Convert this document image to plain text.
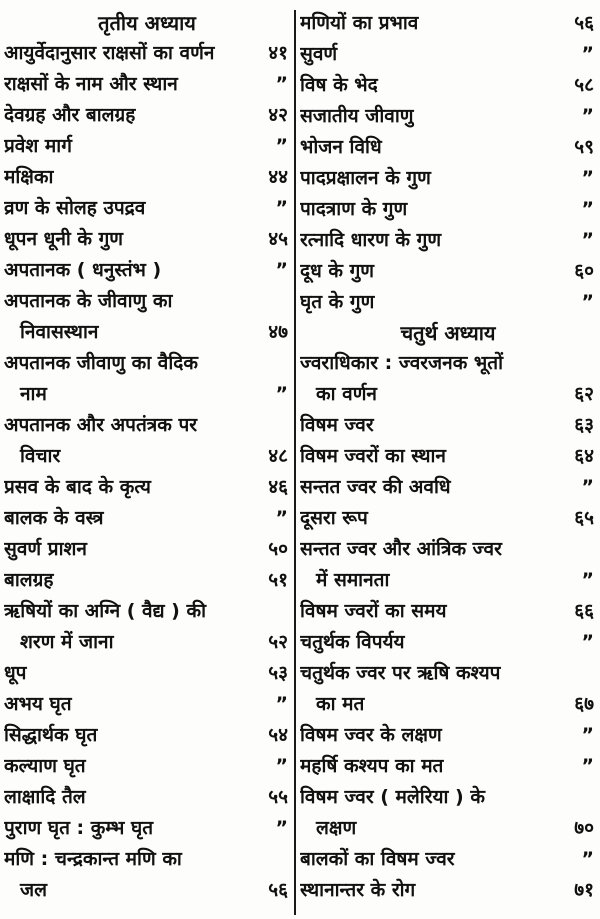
तृतीय अध्याय
आयुर्वेदानुसार राक्षसों का वर्णन	४१
राक्षसों के नाम और स्थान	”
देवग्रह और बालग्रह	४२
प्रवेश मार्ग	”
मक्षिका	४४
व्रण के सोलह उपद्रव	”
धूपन धूनी के गुण	४५
अपतानक ( धनुस्तंभ )	”
अपतानक के जीवाणु का
निवासस्थान	४७
अपतानक जीवाणु का वैदिक
नाम	”
अपतानक और अपतंत्रक पर
विचार	४८
प्रसव के बाद के कृत्य	४६
बालक के वस्त्र	”
सुवर्ण प्राशन	५०
बालग्रह	५१
ऋषियों का अग्नि ( वैद्य ) की
शरण में जाना	५२
धूप	५३
अभय घृत	”
सिद्धार्थक घृत	५४
कल्याण घृत	”
लाक्षादि तैल	५५
पुराण घृत : कुम्भ घृत	”
मणि : चन्द्रकान्त मणि का
जल	५६
मणियों का प्रभाव	५६
सुवर्ण	”
विष के भेद	५८
सजातीय जीवाणु	”
भोजन विधि	५९
पादप्रक्षालन के गुण	”
पादत्राण के गुण	”
रत्नादि धारण के गुण	”
दूध के गुण	६०
घृत के गुण	”
चतुर्थ अध्याय
ज्वराधिकार : ज्वरजनक भूतों
का वर्णन	६२
विषम ज्वर	६३
विषम ज्वरों का स्थान	६४
सन्तत ज्वर की अवधि	”
दूसरा रूप	६५
सन्तत ज्वर और आंत्रिक ज्वर
में समानता	”
विषम ज्वरों का समय	६६
चतुर्थक विपर्यय	”
चतुर्थक ज्वर पर ऋषि कश्यप
का मत	६७
विषम ज्वर के लक्षण	”
महर्षि कश्यप का मत	”
विषम ज्वर ( मलेरिया ) के
लक्षण	७०
बालकों का विषम ज्वर	”
स्थानान्तर के रोग	७१
